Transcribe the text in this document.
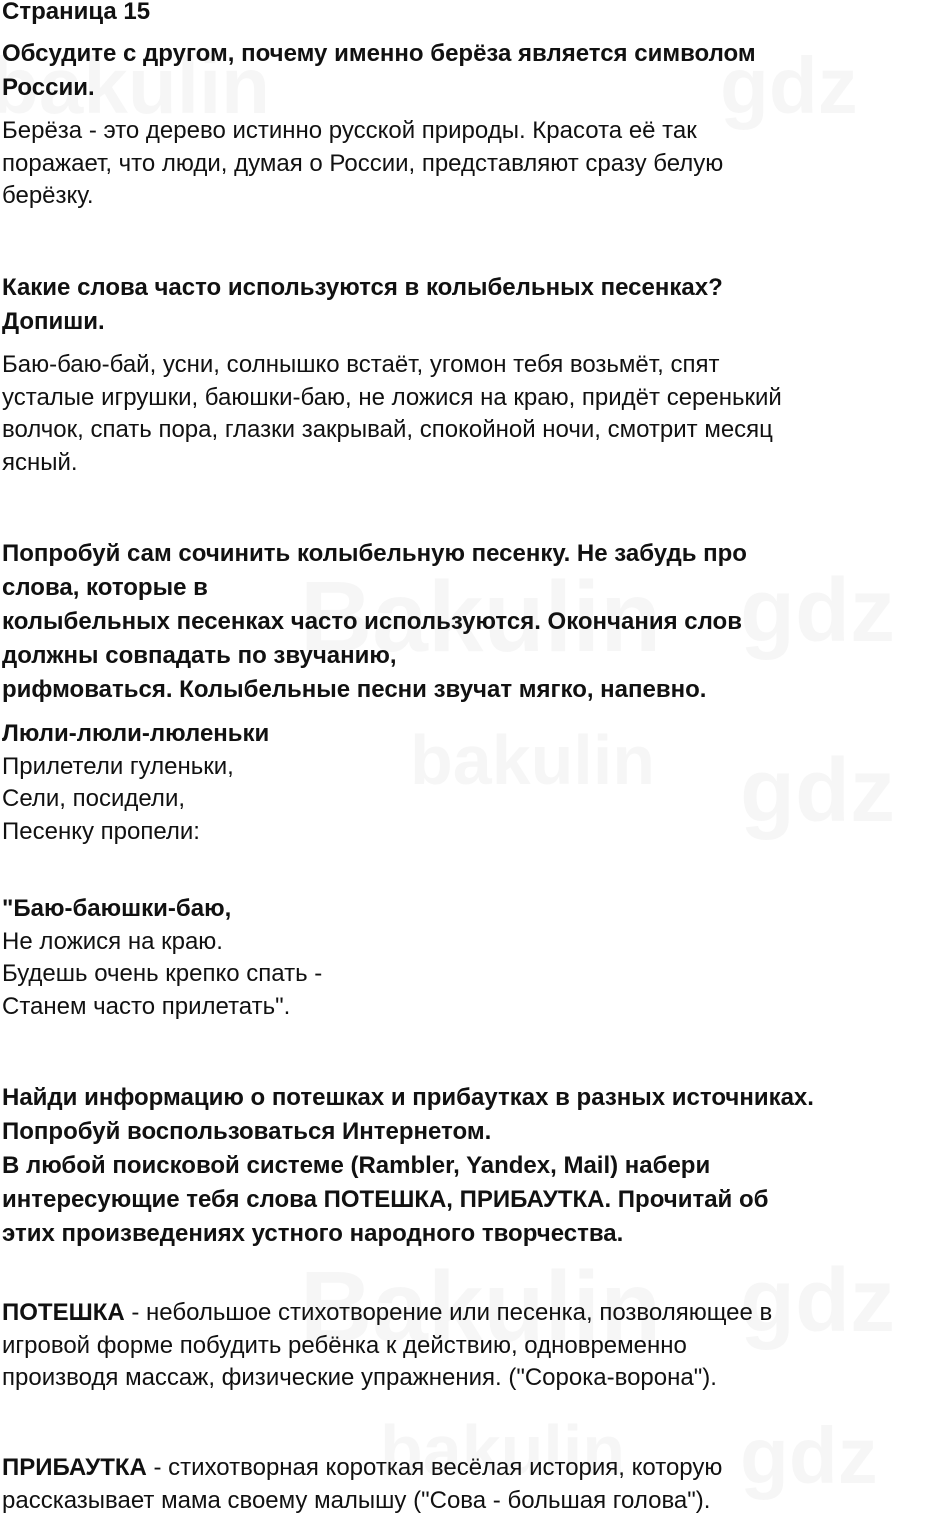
Страница 15

Обсудите с другом, почему именно берёза является символом
России.

Берёза - это дерево истинно русской природы. Красота её так
поражает, что люди, думая о России, представляют сразу белую
берёзку.

Какие слова часто используются в колыбельных песенках?
Допиши.

Баю-баю-бай, усни, солнышко встаёт, угомон тебя возьмёт, спят
усталые игрушки, баюшки-баю, не ложися на краю, придёт серенький
волчок, спать пора, глазки закрывай, спокойной ночи, смотрит месяц
ясный.

Попробуй сам сочинить колыбельную песенку. Не забудь про
слова, которые в
колыбельных песенках часто используются. Окончания слов
должны совпадать по звучанию,
рифмоваться. Колыбельные песни звучат мягко, напевно.

Люли-люли-люленьки
Прилетели гуленьки,
Сели, посидели,
Песенку пропели:

"Баю-баюшки-баю,
Не ложися на краю.
Будешь очень крепко спать -
Станем часто прилетать".

Найди информацию о потешках и прибаутках в разных источниках.
Попробуй воспользоваться Интернетом.
В любой поисковой системе (Rambler, Yandex, Mail) набери
интересующие тебя слова ПОТЕШКА, ПРИБАУТКА. Прочитай об
этих произведениях устного народного творчества.

ПОТЕШКА - небольшое стихотворение или песенка, позволяющее в
игровой форме побудить ребёнка к действию, одновременно
производя массаж, физические упражнения. ("Сорока-ворона").

ПРИБАУТКА - стихотворная короткая весёлая история, которую
рассказывает мама своему малышу ("Сова - большая голова").
